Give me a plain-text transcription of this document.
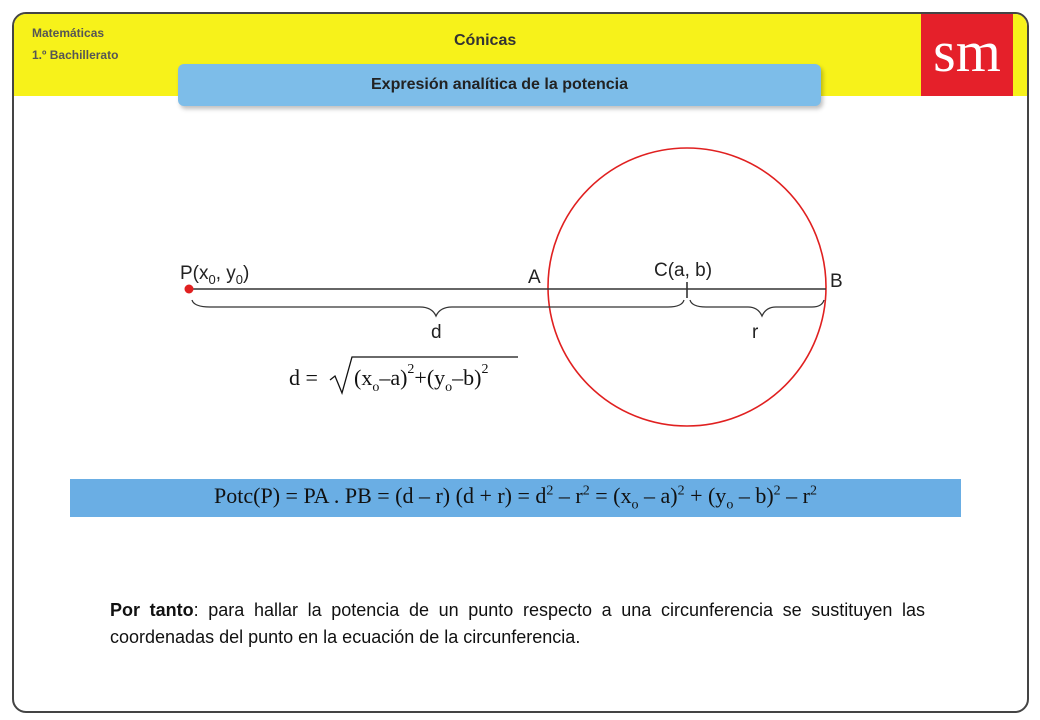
Matemáticas
1.º Bachillerato
Cónicas	sm
Expresión analítica de la potencia
Potc(P) = PA . PB = (d – r) $(d + r) = d^2 - r^2 = (x_o - a)^2 + (y_o - b)^2 - r^2$
Por tanto: para hallar la potencia de un punto respecto a una circunferencia se sustituyen las coordenadas del punto en la ecuación de la circunferencia.
$P(x_0$, $y_0$)	A	C(a, b)
B
d	r
$d = (x_o-a)^2+(y_o-b)^2$
